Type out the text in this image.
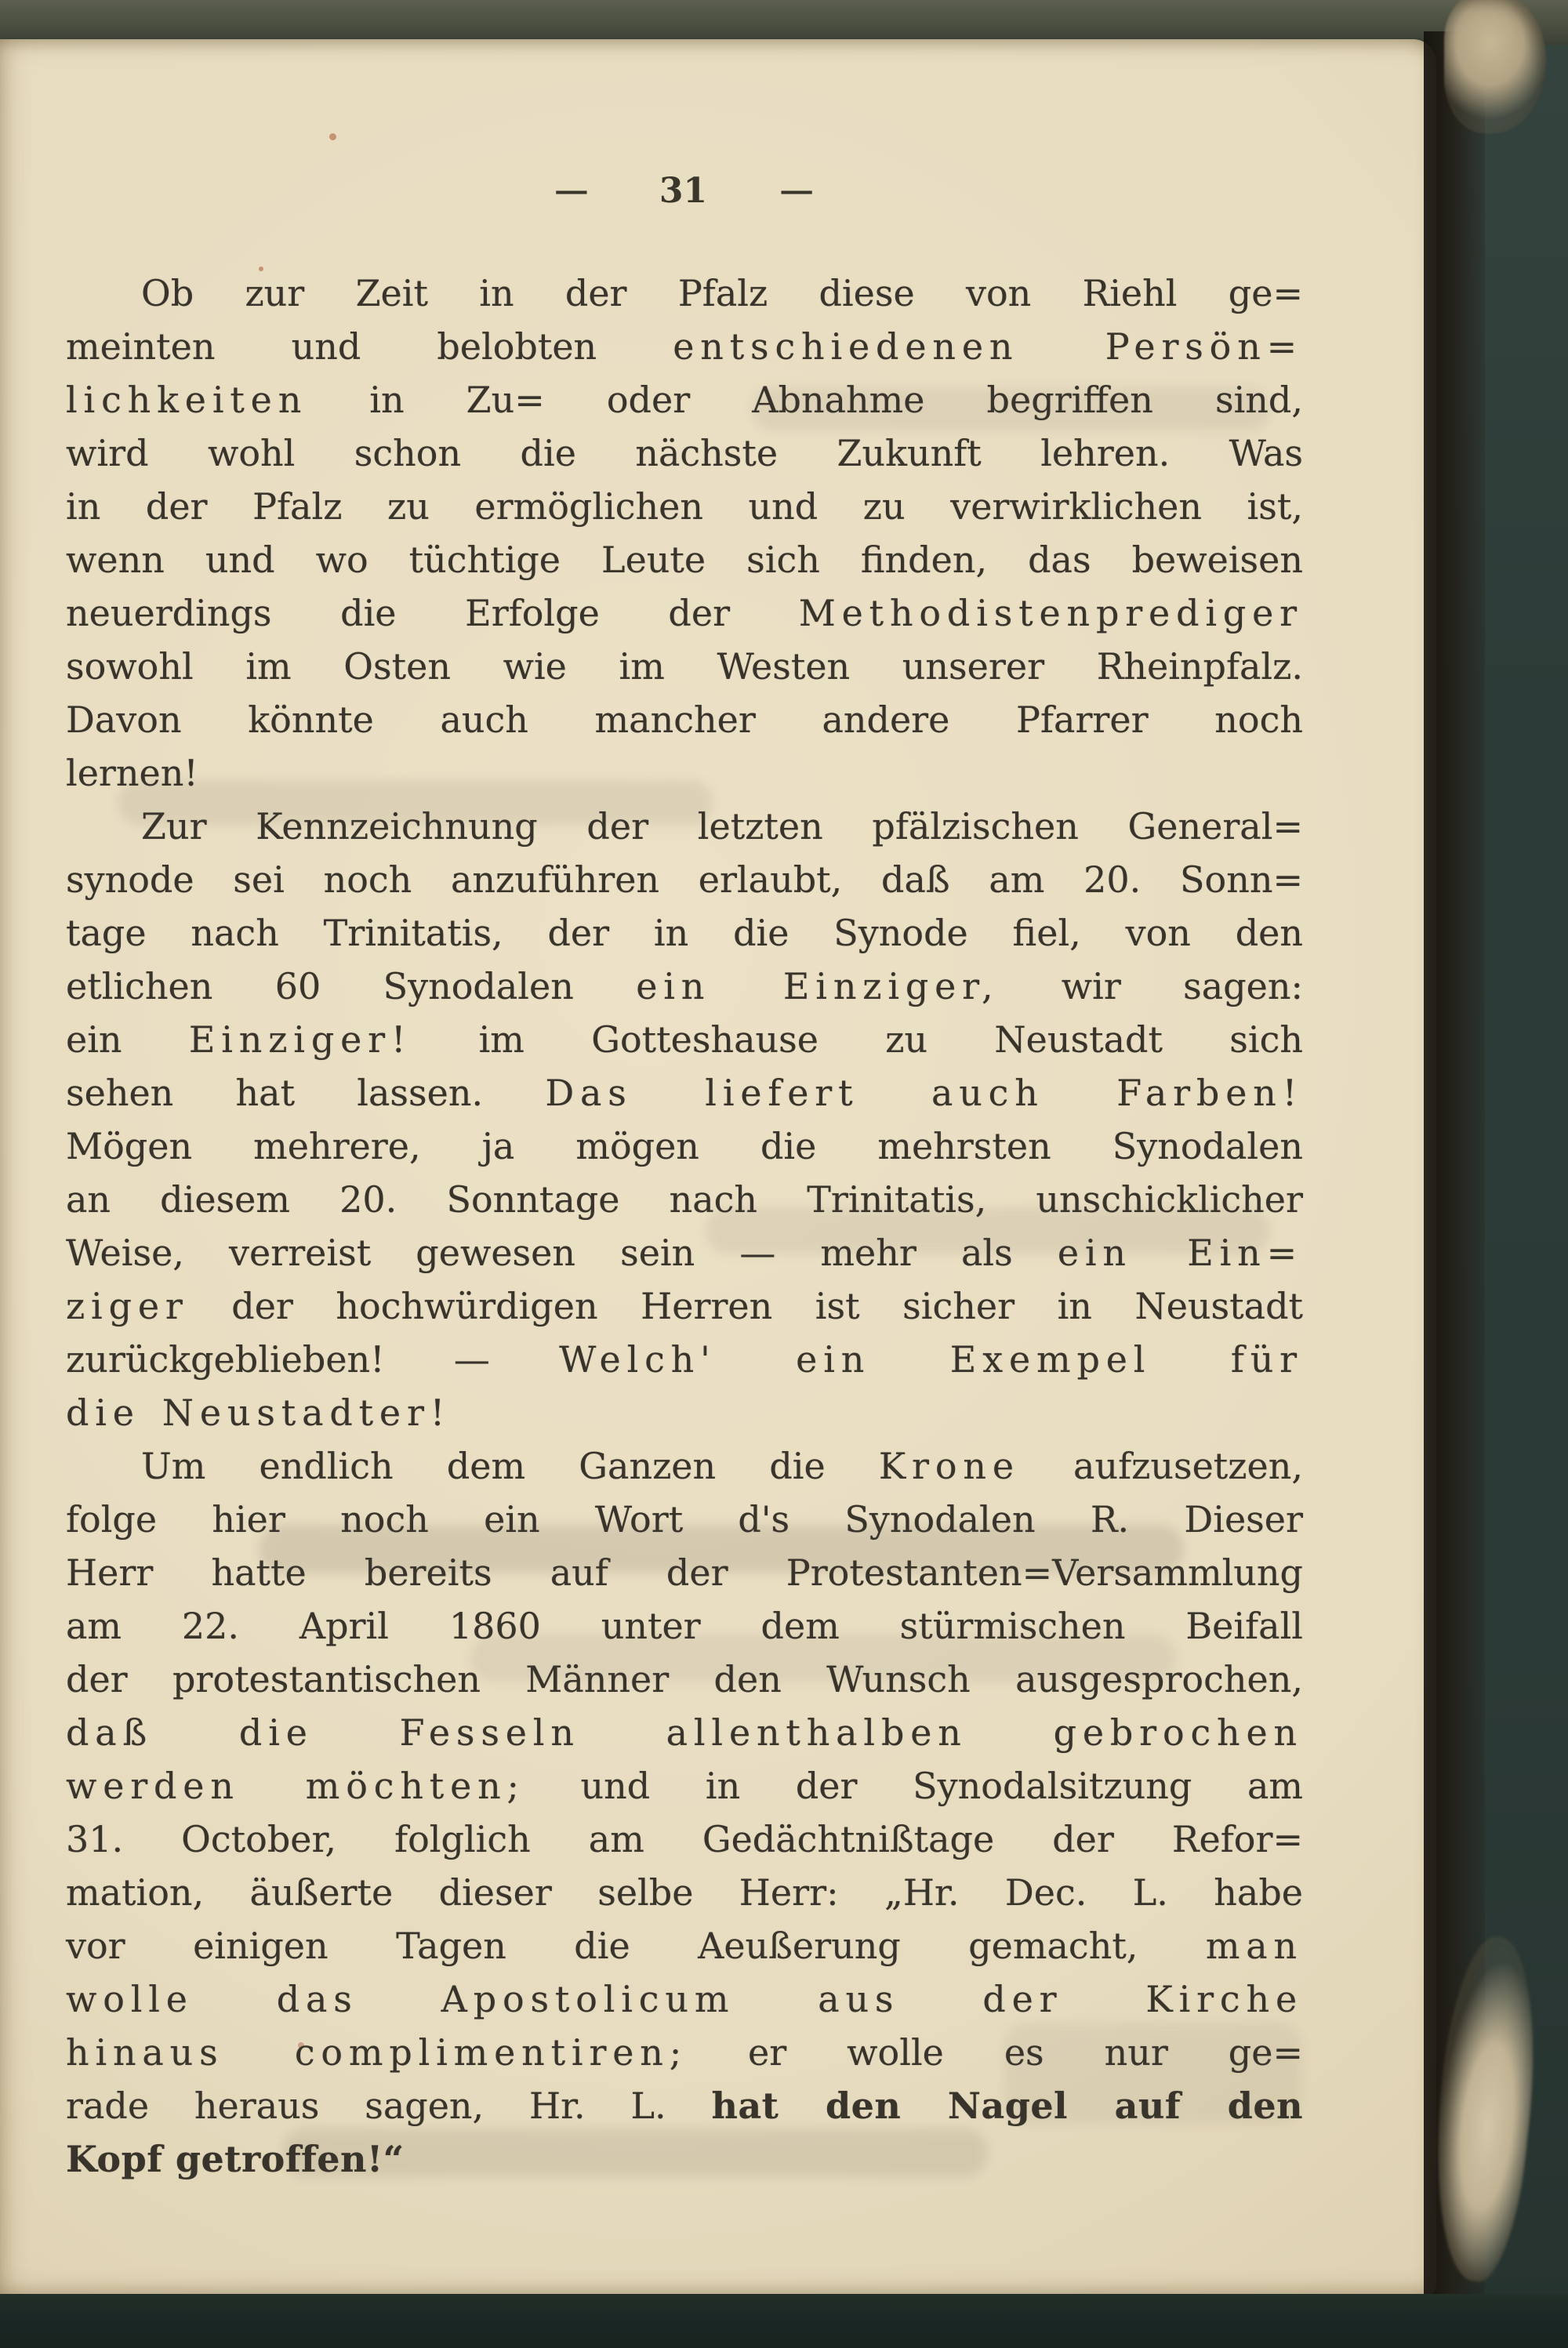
— 31 —
Ob zur Zeit in der Pfalz diese von Riehl ge=
meinten und belobten entschiedenen Persön=
lichkeiten in Zu= oder Abnahme begriffen sind,
wird wohl schon die nächste Zukunft lehren. Was
in der Pfalz zu ermöglichen und zu verwirklichen ist,
wenn und wo tüchtige Leute sich finden, das beweisen
neuerdings die Erfolge der Methodistenprediger
sowohl im Osten wie im Westen unserer Rheinpfalz.
Davon könnte auch mancher andere Pfarrer noch
lernen!
Zur Kennzeichnung der letzten pfälzischen General=
synode sei noch anzuführen erlaubt, daß am 20. Sonn=
tage nach Trinitatis, der in die Synode fiel, von den
etlichen 60 Synodalen ein Einziger, wir sagen:
ein Einziger! im Gotteshause zu Neustadt sich
sehen hat lassen. Das liefert auch Farben!
Mögen mehrere, ja mögen die mehrsten Synodalen
an diesem 20. Sonntage nach Trinitatis, unschicklicher
Weise, verreist gewesen sein — mehr als ein Ein=
ziger der hochwürdigen Herren ist sicher in Neustadt
zurückgeblieben! — Welch' ein Exempel für
die Neustadter!
Um endlich dem Ganzen die Krone aufzusetzen,
folge hier noch ein Wort d's Synodalen R. Dieser
Herr hatte bereits auf der Protestanten=Versammlung
am 22. April 1860 unter dem stürmischen Beifall
der protestantischen Männer den Wunsch ausgesprochen,
daß die Fesseln allenthalben gebrochen
werden möchten; und in der Synodalsitzung am
31. October, folglich am Gedächtnißtage der Refor=
mation, äußerte dieser selbe Herr: „Hr. Dec. L. habe
vor einigen Tagen die Aeußerung gemacht, man
wolle das Apostolicum aus der Kirche
hinaus complimentiren; er wolle es nur ge=
rade heraus sagen, Hr. L. hat den Nagel auf den
Kopf getroffen!“
